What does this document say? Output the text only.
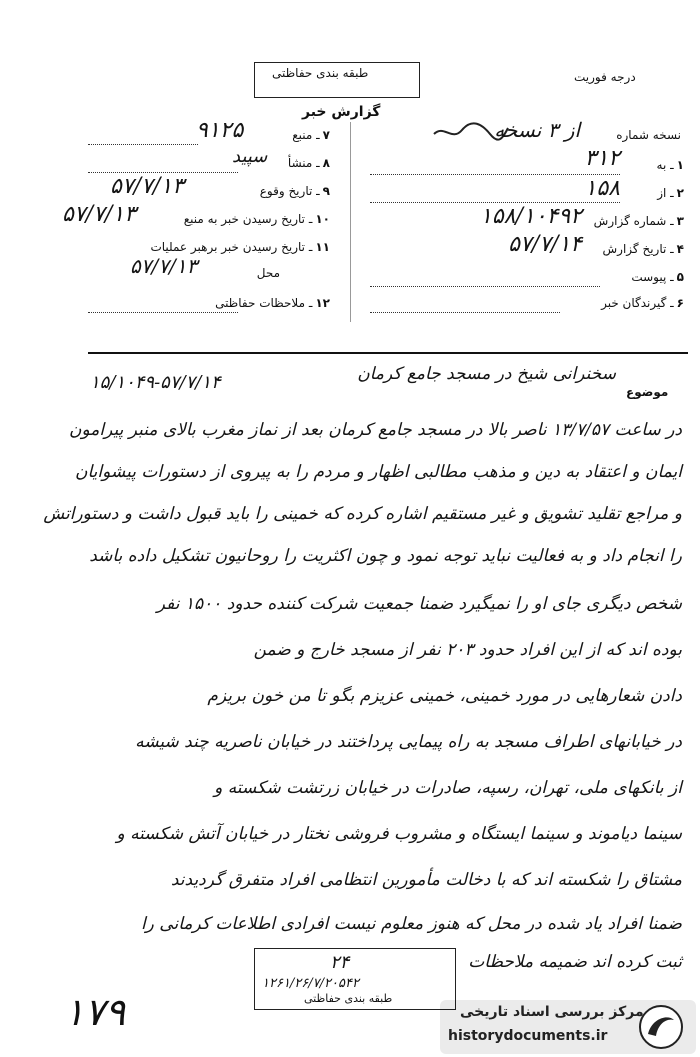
طبقه بندی حفاظتی	درجه فوریت
گزارش خبر
نسخه شماره
از ۳ نسخه
۱ـ به
۳۱۲
۲ـ از
۱۵۸
۳ـ شماره گزارش
۱۵۸/۱۰۴۹۲
۴ـ تاریخ گزارش
۵۷/۷/۱۴
۵ـ پیوست
۶ـ گیرندگان خبر
۷ـ منبع
۹۱۲۵
۸ـ منشأ
سپید
۹ـ تاریخ وقوع
۵۷/۷/۱۳
۱۰ـ تاریخ رسیدن خبر به منبع
۵۷/۷/۱۳
۱۱ـ تاریخ رسیدن خبر برهبر عملیات
۵۷/۷/۱۳	محل
۱۲ـ ملاحظات حفاظتی
موضوع
سخنرانی شیخ در مسجد جامع کرمان
۱۵/۱۰۴۹-۵۷/۷/۱۴
در ساعت ۱۳/۷/۵۷ ناصر بالا در مسجد جامع کرمان بعد از نماز مغرب بالای منبر پیرامون
ایمان و اعتقاد به دین و مذهب مطالبی اظهار و مردم را به پیروی از دستورات پیشوایان
و مراجع تقلید تشویق و غیر مستقیم اشاره کرده که خمینی را باید قبول داشت و دستوراتش
را انجام داد و به فعالیت نباید توجه نمود و چون اکثریت را روحانیون تشکیل داده باشد
شخص دیگری جای او را نمیگیرد ضمنا جمعیت شرکت کننده حدود ۱۵۰۰ نفر
بوده اند که از این افراد حدود ۲۰۳ نفر از مسجد خارج و ضمن
دادن شعارهایی در مورد خمینی، خمینی عزیزم بگو تا من خون بریزم
در خیابانهای اطراف مسجد به راه پیمایی پرداختند در خیابان ناصریه چند شیشه
از بانکهای ملی، تهران، رسپه، صادرات در خیابان زرتشت شکسته و
سینما دیاموند و سینما ایستگاه و مشروب فروشی نختار در خیابان آتش شکسته و
مشتاق را شکسته اند که با دخالت مأمورین انتظامی افراد متفرق گردیدند
ضمنا افراد یاد شده در محل که هنوز معلوم نیست افرادی اطلاعات کرمانی را
ثبت کرده اند ضمیمه ملاحظات
۲۴
۱۲۶۱/۲۶/۷/۲۰۵۴۲
طبقه بندی حفاظتی
۱۷۹	مرکز بررسی اسناد تاریخی
historydocuments.ir
